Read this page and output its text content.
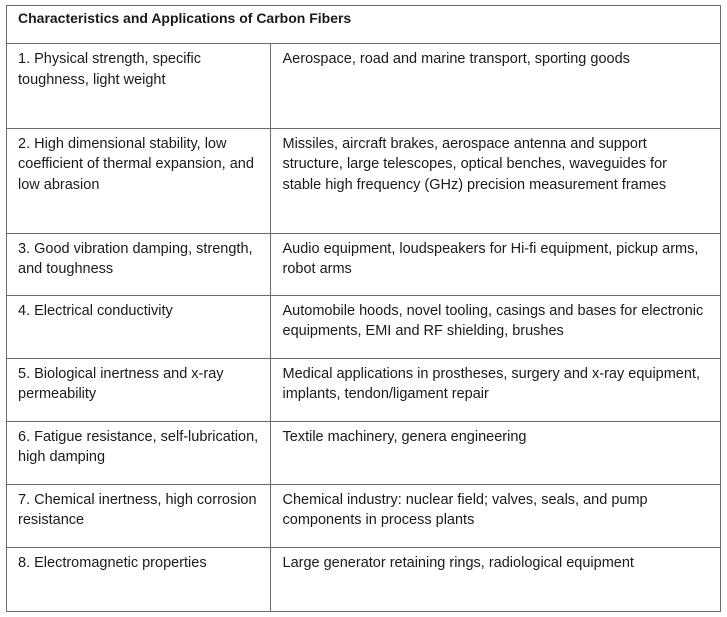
Characteristics and Applications of Carbon Fibers
1. Physical strength, specific toughness, light weight	Aerospace, road and marine transport, sporting goods
2. High dimensional stability, low coefficient of thermal expansion, and low abrasion	Missiles, aircraft brakes, aerospace antenna and support structure, large telescopes, optical benches, waveguides for stable high frequency (GHz) precision measurement frames
3. Good vibration damping, strength, and toughness	Audio equipment, loudspeakers for Hi-fi equipment, pickup arms, robot arms
4. Electrical conductivity	Automobile hoods, novel tooling, casings and bases for electronic equipments, EMI and RF shielding, brushes
5. Biological inertness and x-ray permeability	Medical applications in prostheses, surgery and x-ray equipment, implants, tendon/ligament repair
6. Fatigue resistance, self-lubrication, high damping	Textile machinery, genera engineering
7. Chemical inertness, high corrosion resistance	Chemical industry: nuclear field; valves, seals, and pump components in process plants
8. Electromagnetic properties	Large generator retaining rings, radiological equipment
